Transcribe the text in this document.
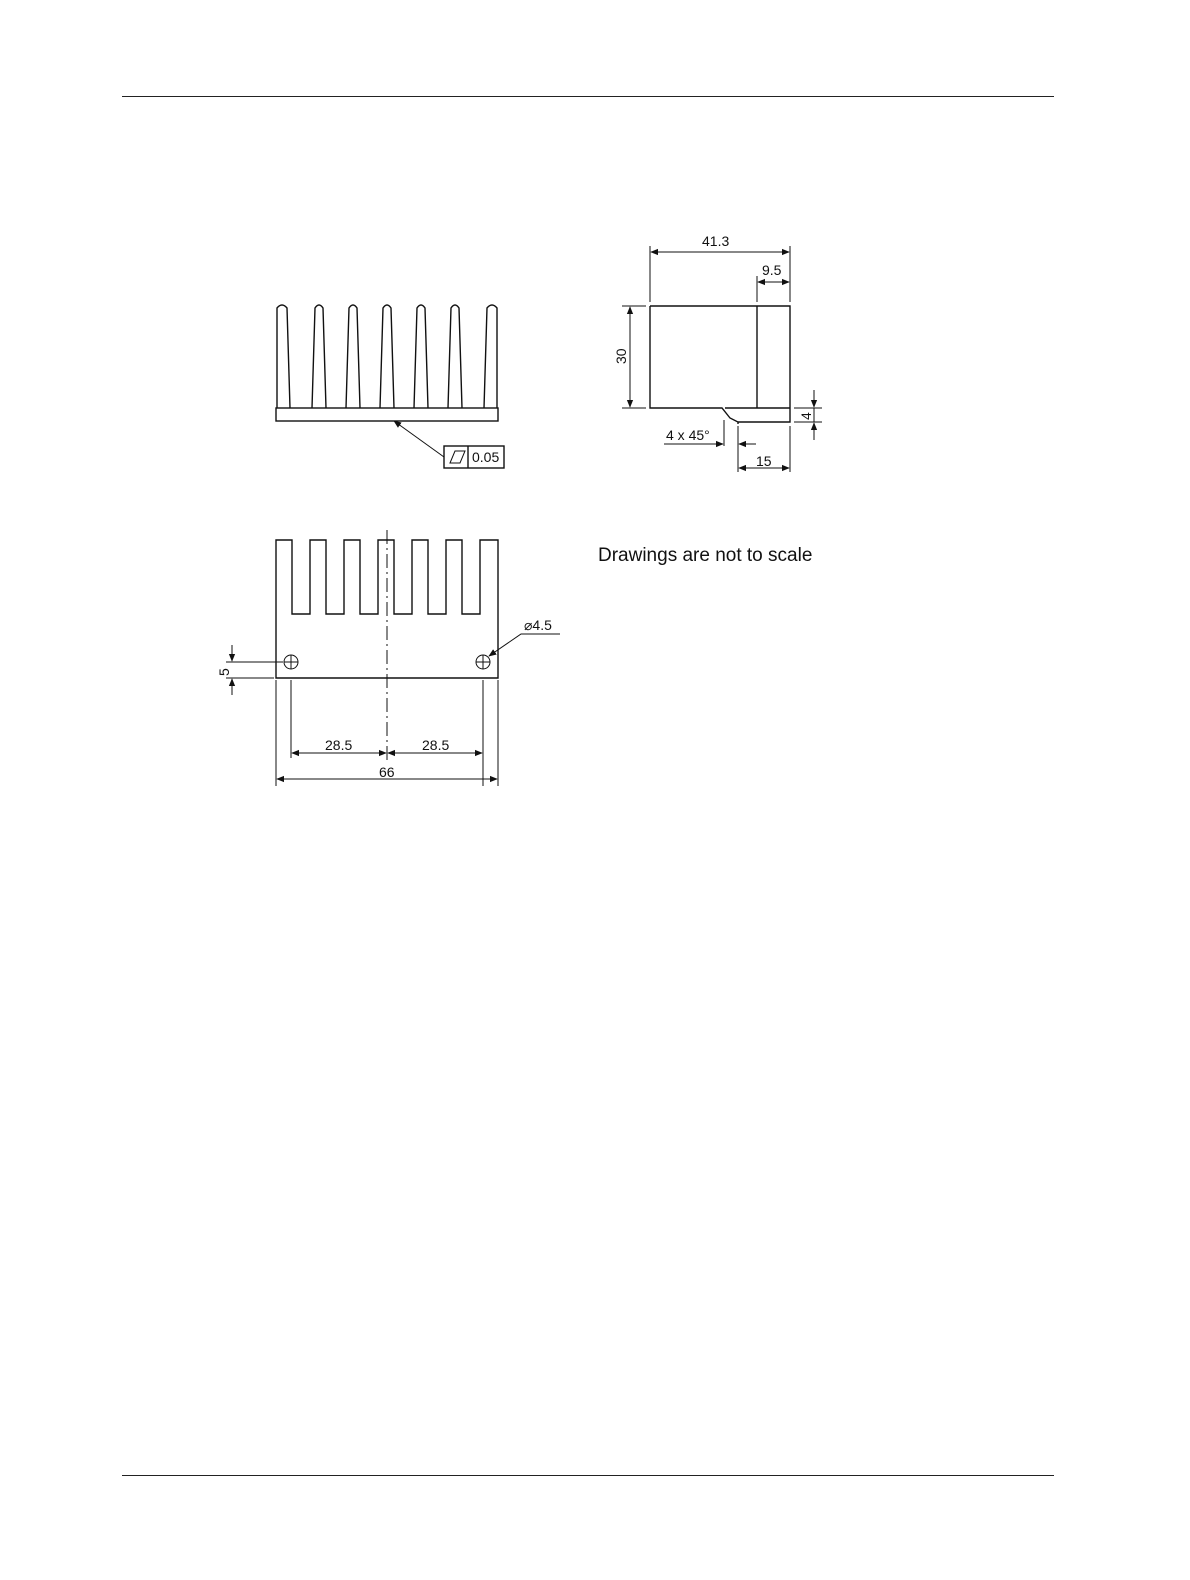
0.05
41.3
9.5
30
4
4 x 45°
15
⌀4.5
5
28.5	28.5
66
Drawings are not to scale
